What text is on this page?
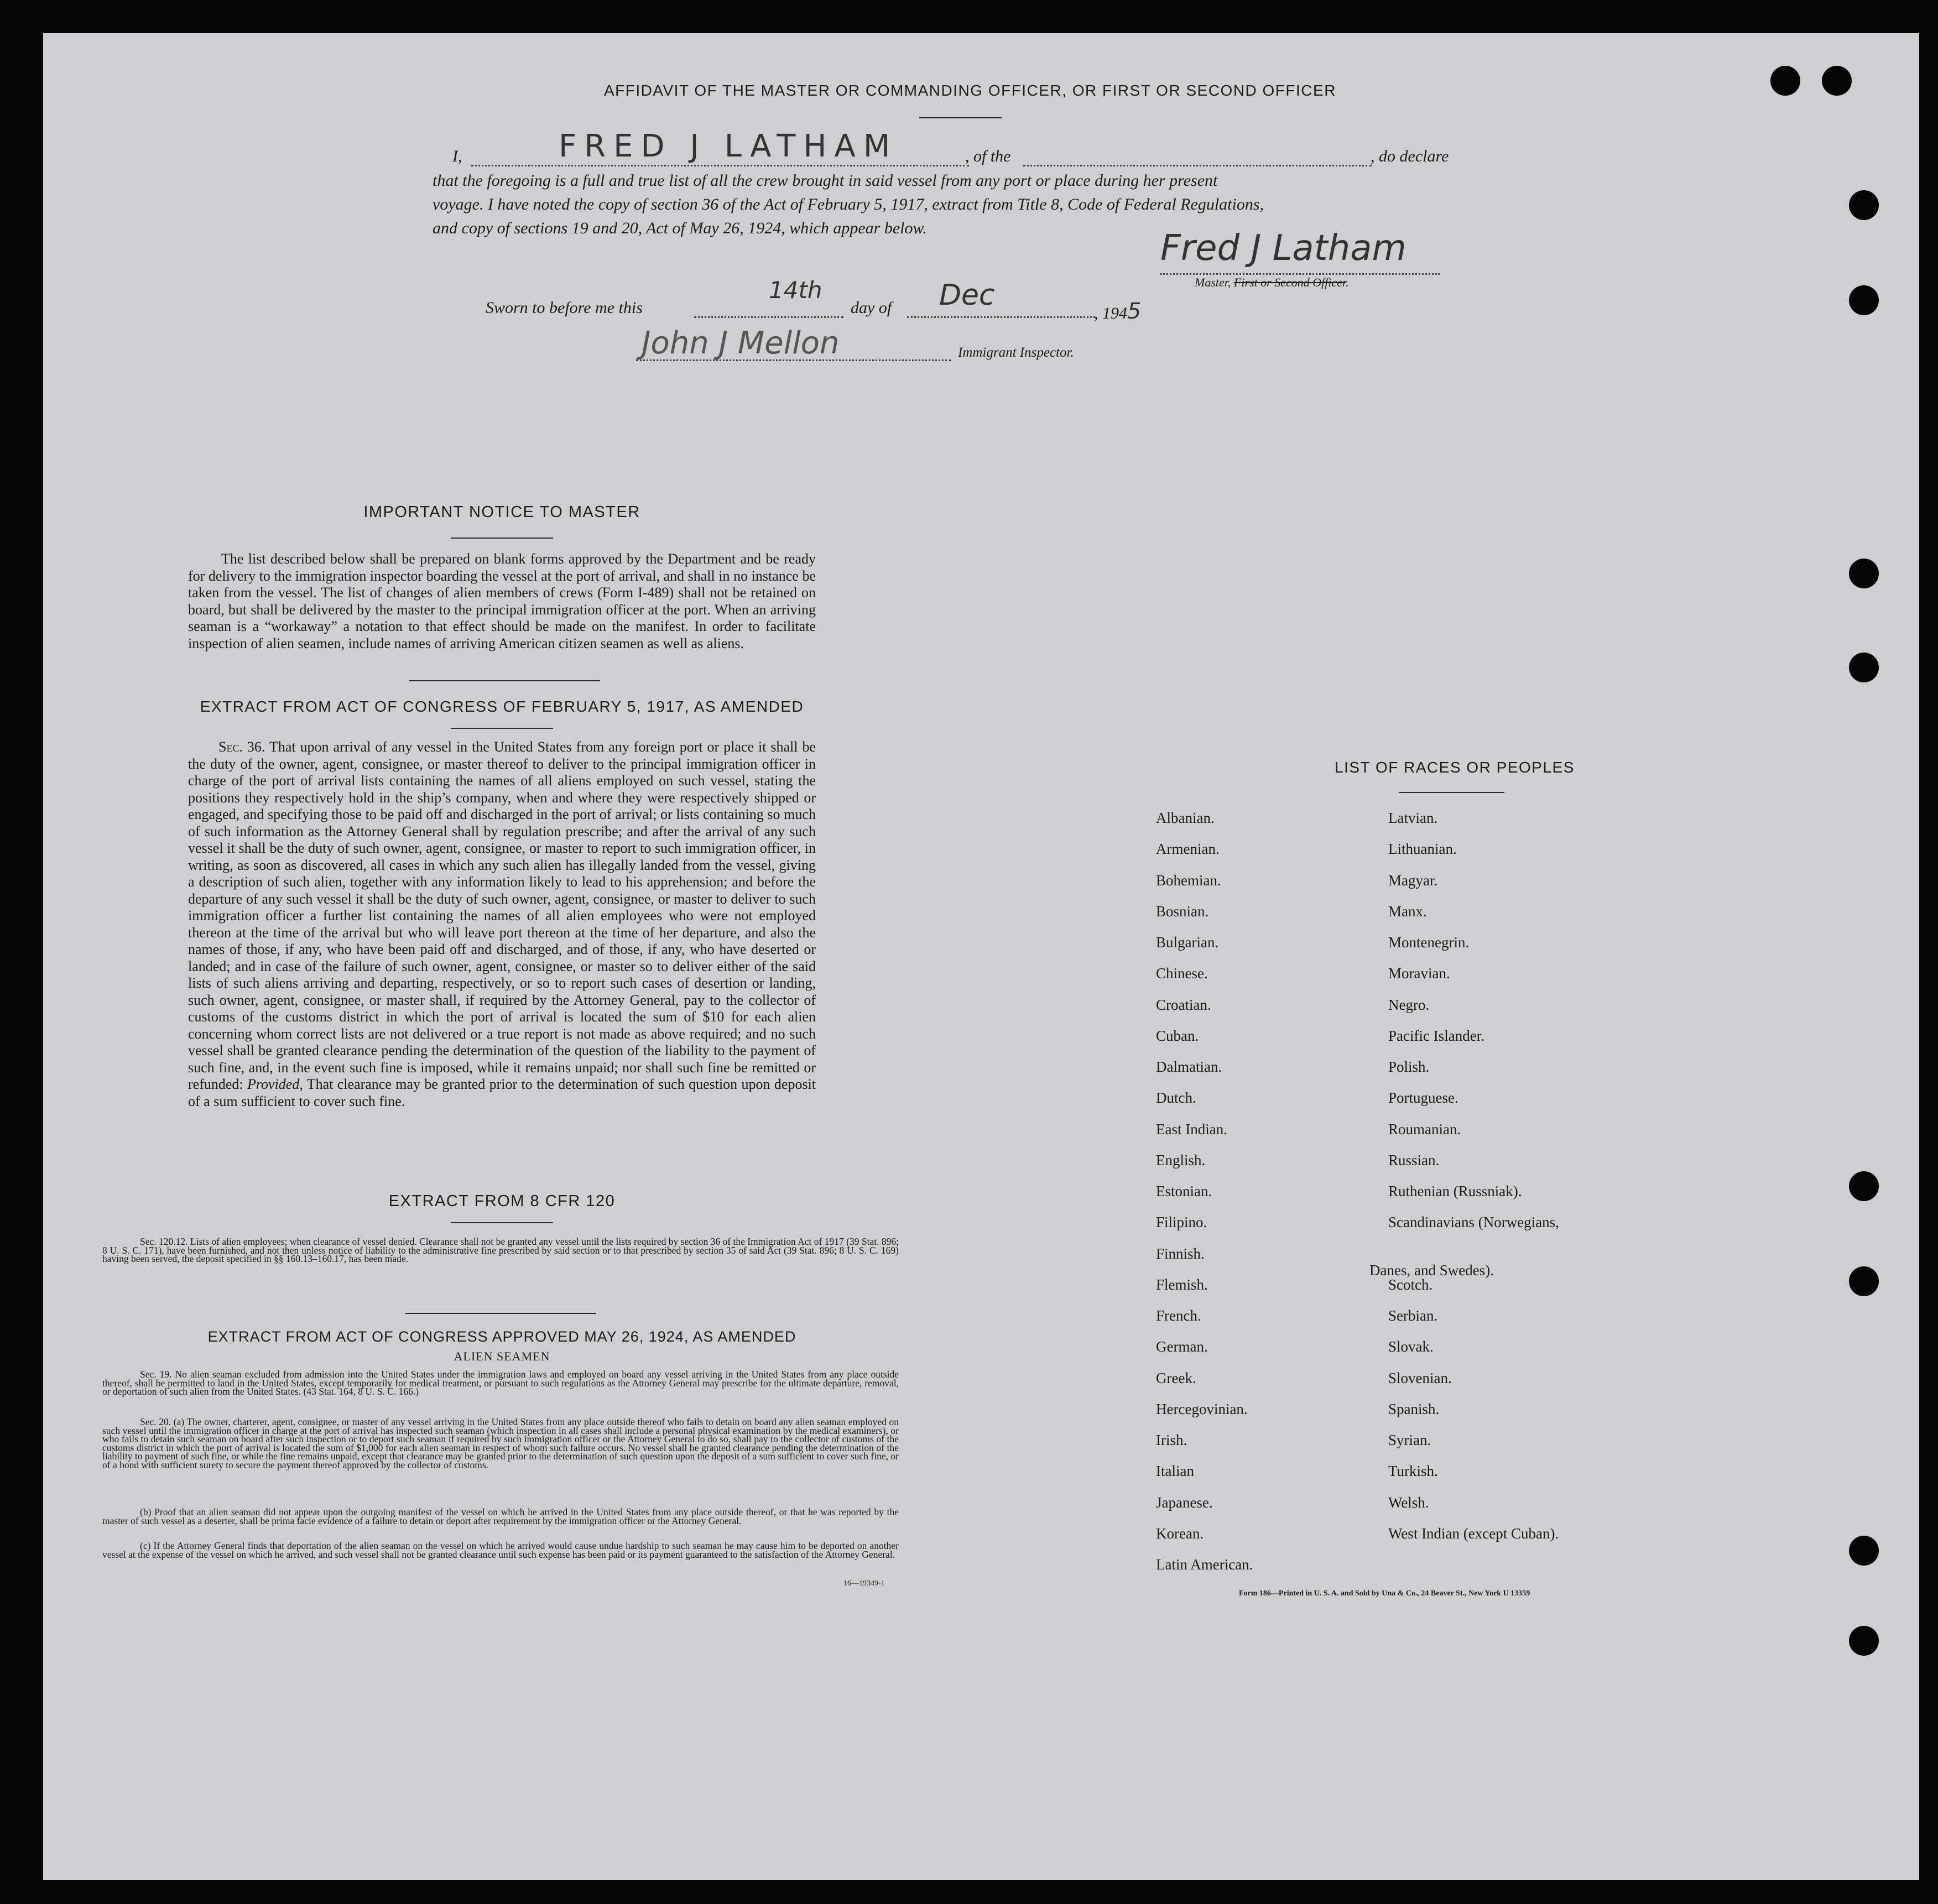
AFFIDAVIT OF THE MASTER OR COMMANDING OFFICER, OR FIRST OR SECOND OFFICER
I,	FRED J LATHAM	, of the	, do declare
that the foregoing is a full and true list of all the crew brought in said vessel from any port or place during her present
voyage. I have noted the copy of section 36 of the Act of February 5, 1917, extract from Title 8, Code of Federal Regulations,
and copy of sections 19 and 20, Act of May 26, 1924, which appear below.	Fred J Latham
Master, First or Second Officer.
Sworn to before me this
14th
day of Dec
, 1945
John J Mellon	Immigrant Inspector.
IMPORTANT NOTICE TO MASTER
The list described below shall be prepared on blank forms approved by the Department and be ready for delivery to the immigration inspector boarding the vessel at the port of arrival, and shall in no instance be taken from the vessel. The list of changes of alien members of crews (Form I-489) shall not be retained on board, but shall be delivered by the master to the principal immigration officer at the port. When an arriving seaman is a “workaway” a notation to that effect should be made on the manifest. In order to facilitate inspection of alien seamen, include names of arriving American citizen seamen as well as aliens.
EXTRACT FROM ACT OF CONGRESS OF FEBRUARY 5, 1917, AS AMENDED
Sec. 36. That upon arrival of any vessel in the United States from any foreign port or place it shall be the duty of the owner, agent, consignee, or master thereof to deliver to the principal immigration officer in charge of the port of arrival lists containing the names of all aliens employed on such vessel, stating the positions they respectively hold in the ship’s company, when and where they were respectively shipped or engaged, and specifying those to be paid off and discharged in the port of arrival; or lists containing so much of such information as the Attorney General shall by regulation prescribe; and after the arrival of any such vessel it shall be the duty of such owner, agent, consignee, or master to report to such immigration officer, in writing, as soon as discovered, all cases in which any such alien has illegally landed from the vessel, giving a description of such alien, together with any information likely to lead to his apprehension; and before the departure of any such vessel it shall be the duty of such owner, agent, consignee, or master to deliver to such immigration officer a further list containing the names of all alien employees who were not employed thereon at the time of the arrival but who will leave port thereon at the time of her departure, and also the names of those, if any, who have been paid off and discharged, and of those, if any, who have deserted or landed; and in case of the failure of such owner, agent, consignee, or master so to deliver either of the said lists of such aliens arriving and departing, respectively, or so to report such cases of desertion or landing, such owner, agent, consignee, or master shall, if required by the Attorney General, pay to the collector of customs of the customs district in which the port of arrival is located the sum of $10 for each alien concerning whom correct lists are not delivered or a true report is not made as above required; and no such vessel shall be granted clearance pending the determination of the question of the liability to the payment of such fine, and, in the event such fine is imposed, while it remains unpaid; nor shall such fine be remitted or refunded: Provided, That clearance may be granted prior to the determination of such question upon deposit of a sum sufficient to cover such fine.
EXTRACT FROM 8 CFR 120
Sec. 120.12. Lists of alien employees; when clearance of vessel denied. Clearance shall not be granted any vessel until the lists required by section 36 of the Immigration Act of 1917 (39 Stat. 896; 8 U. S. C. 171), have been furnished, and not then unless notice of liability to the administrative fine prescribed by said section or to that prescribed by section 35 of said Act (39 Stat. 896; 8 U. S. C. 169) having been served, the deposit specified in §§ 160.13–160.17, has been made.
EXTRACT FROM ACT OF CONGRESS APPROVED MAY 26, 1924, AS AMENDED
ALIEN SEAMEN
Sec. 19. No alien seaman excluded from admission into the United States under the immigration laws and employed on board any vessel arriving in the United States from any place outside thereof, shall be permitted to land in the United States, except temporarily for medical treatment, or pursuant to such regulations as the Attorney General may prescribe for the ultimate departure, removal, or deportation of such alien from the United States. (43 Stat. 164, 8 U. S. C. 166.)
Sec. 20. (a) The owner, charterer, agent, consignee, or master of any vessel arriving in the United States from any place outside thereof who fails to detain on board any alien seaman employed on such vessel until the immigration officer in charge at the port of arrival has inspected such seaman (which inspection in all cases shall include a personal physical examination by the medical examiners), or who fails to detain such seaman on board after such inspection or to deport such seaman if required by such immigration officer or the Attorney General to do so, shall pay to the collector of customs of the customs district in which the port of arrival is located the sum of $1,000 for each alien seaman in respect of whom such failure occurs. No vessel shall be granted clearance pending the determination of the liability to payment of such fine, or while the fine remains unpaid, except that clearance may be granted prior to the determination of such question upon the deposit of a sum sufficient to cover such fine, or of a bond with sufficient surety to secure the payment thereof approved by the collector of customs.
(b) Proof that an alien seaman did not appear upon the outgoing manifest of the vessel on which he arrived in the United States from any place outside thereof, or that he was reported by the master of such vessel as a deserter, shall be prima facie evidence of a failure to detain or deport after requirement by the immigration officer or the Attorney General.
(c) If the Attorney General finds that deportation of the alien seaman on the vessel on which he arrived would cause undue hardship to such seaman he may cause him to be deported on another vessel at the expense of the vessel on which he arrived, and such vessel shall not be granted clearance until such expense has been paid or its payment guaranteed to the satisfaction of the Attorney General.
16—19349-1
LIST OF RACES OR PEOPLES
Albanian.
Armenian.
Bohemian.
Bosnian.
Bulgarian.
Chinese.
Croatian.
Cuban.
Dalmatian.
Dutch.
East Indian.
English.
Estonian.
Filipino.
Finnish.
Flemish.
French.
German.
Greek.
Hercegovinian.
Irish.
Italian
Japanese.
Korean.
Latin American.
Latvian.
Lithuanian.
Magyar.
Manx.
Montenegrin.
Moravian.
Negro.
Pacific Islander.
Polish.
Portuguese.
Roumanian.
Russian.
Ruthenian (Russniak).
Scandinavians (Norwegians,
Danes, and Swedes).
Scotch.
Serbian.
Slovak.
Slovenian.
Spanish.
Syrian.
Turkish.
Welsh.
West Indian (except Cuban).
Form 186—Printed in U. S. A. and Sold by Una & Co., 24 Beaver St., New York U 13359
